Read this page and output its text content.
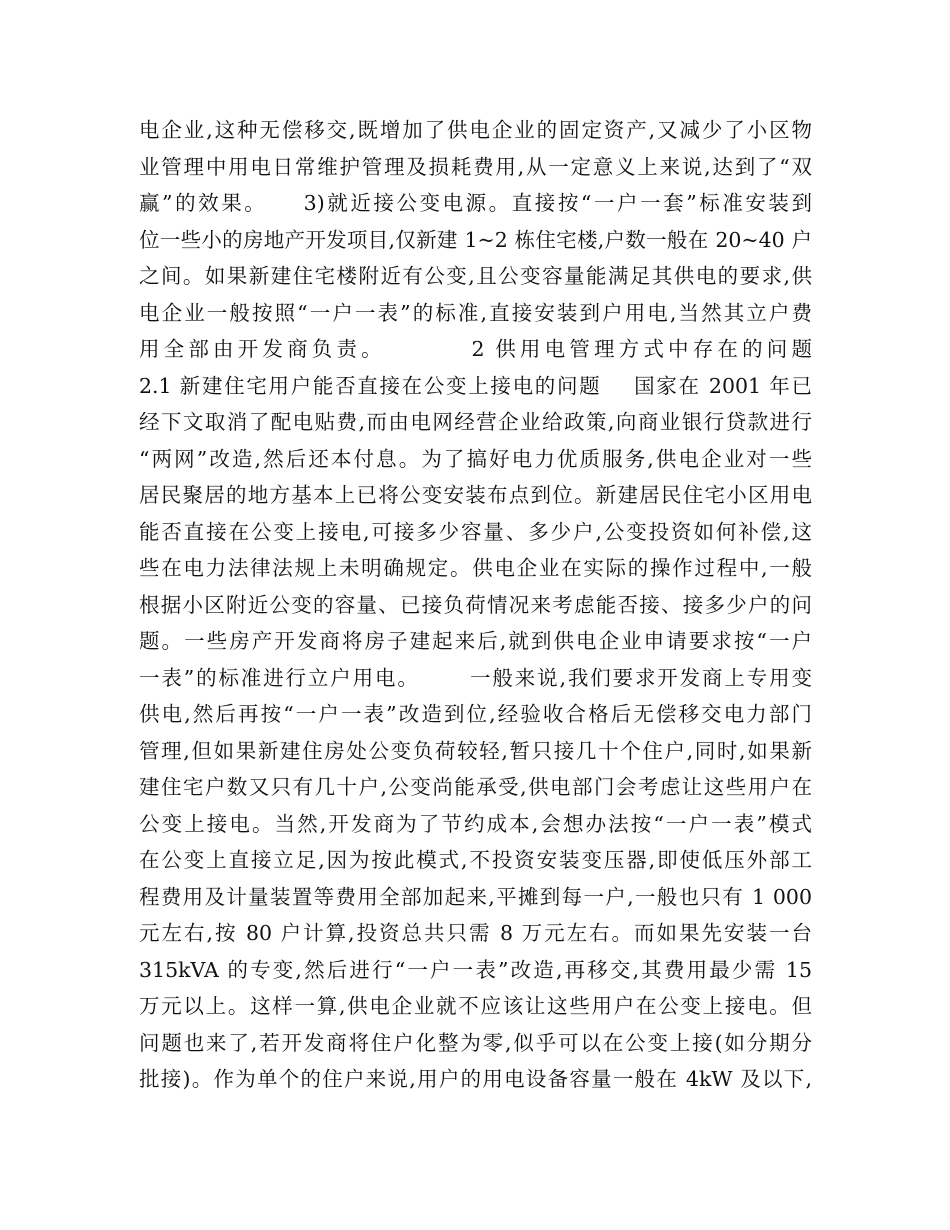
电企业,这种无偿移交,既增加了供电企业的固定资产,又减少了小区物
业管理中用电日常维护管理及损耗费用,从一定意义上来说,达到了“双
赢”的效果。    3)就近接公变电源。直接按“一户一套”标准安装到
位一些小的房地产开发项目,仅新建 1~2 栋住宅楼,户数一般在 20~40 户
之间。如果新建住宅楼附近有公变,且公变容量能满足其供电的要求,供
电企业一般按照“一户一表”的标准,直接安装到户用电,当然其立户费
用全部由开发商负责。        2 供用电管理方式中存在的问题
2.1 新建住宅用户能否直接在公变上接电的问题    国家在 2001 年已
经下文取消了配电贴费,而由电网经营企业给政策,向商业银行贷款进行
“两网”改造,然后还本付息。为了搞好电力优质服务,供电企业对一些
居民聚居的地方基本上已将公变安装布点到位。新建居民住宅小区用电
能否直接在公变上接电,可接多少容量、多少户,公变投资如何补偿,这
些在电力法律法规上未明确规定。供电企业在实际的操作过程中,一般
根据小区附近公变的容量、已接负荷情况来考虑能否接、接多少户的问
题。一些房产开发商将房子建起来后,就到供电企业申请要求按“一户
一表”的标准进行立户用电。      一般来说,我们要求开发商上专用变
供电,然后再按“一户一表”改造到位,经验收合格后无偿移交电力部门
管理,但如果新建住房处公变负荷较轻,暂只接几十个住户,同时,如果新
建住宅户数又只有几十户,公变尚能承受,供电部门会考虑让这些用户在
公变上接电。当然,开发商为了节约成本,会想办法按“一户一表”模式
在公变上直接立足,因为按此模式,不投资安装变压器,即使低压外部工
程费用及计量装置等费用全部加起来,平摊到每一户,一般也只有 1 000
元左右,按 80 户计算,投资总共只需 8 万元左右。而如果先安装一台
315kVA 的专变,然后进行“一户一表”改造,再移交,其费用最少需 15
万元以上。这样一算,供电企业就不应该让这些用户在公变上接电。但
问题也来了,若开发商将住户化整为零,似乎可以在公变上接(如分期分
批接)。作为单个的住户来说,用户的用电设备容量一般在 4kW 及以下,
